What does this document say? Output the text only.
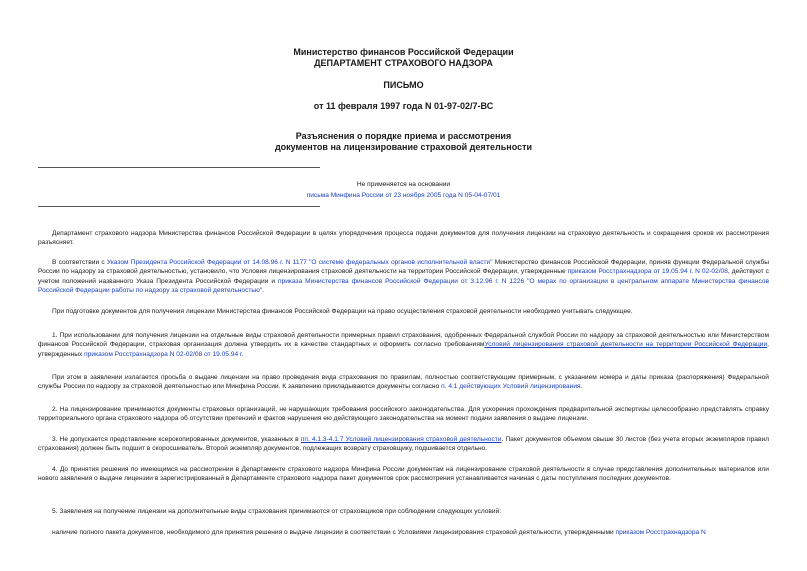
Министерство финансов Российской Федерации
ДЕПАРТАМЕНТ СТРАХОВОГО НАДЗОРА
ПИСЬМО
от 11 февраля 1997 года N 01-97-02/7-ВС
Разъяснения о порядке приема и рассмотрения
документов на лицензирование страховой деятельности
Не применяется на основании
письма Минфина России от 23 ноября 2005 года N 05-04-07/01

Департамент страхового надзора Министерства финансов Российской Федерации в целях упорядочения процесса подачи документов для получения лицензии на страховую деятельность и сокращения сроков их рассмотрения разъясняет.

В соответствии с Указом Президента Российской Федерации от 14.08.96 г. N 1177 "О системе федеральных органов исполнительной власти" Министерство финансов Российской Федерации, приняв функции Федеральной службы России по надзору за страховой деятельностью, установило, что Условия лицензирования страховой деятельности на территории Российской Федерации, утвержденные приказом Росстрахнадзора от 19.05.94 г. N 02-02/08, действуют с учетом положений названного Указа Президента Российской Федерации и приказа Министерства финансов Российской Федерации от 3.12.96 г. N 1226 "О мерах по организации в центральном аппарате Министерства финансов Российской Федерации работы по надзору за страховой деятельностью".

При подготовке документов для получения лицензии Министерства финансов Российской Федерации на право осуществления страховой деятельности необходимо учитывать следующее.

1. При использовании для получения лицензии на отдельные виды страховой деятельности примерных правил страхования, одобренных Федеральной службой России по надзору за страховой деятельностью или Министерством финансов Российской Федерации, страховая организация должна утвердить их в качестве стандартных и оформить согласно требованиямУсловий лицензирования страховой деятельности на территории Российской Федерации, утвержденных приказом Росстрахнадзора N 02-02/08 от 19.05.94 г.

При этом в заявлении излагается просьба о выдаче лицензии на право проведения вида страхования по правилам, полностью соответствующим примерным, с указанием номера и даты приказа (распоряжения) Федеральной службы России по надзору за страховой деятельностью или Минфина России. К заявлению прикладываются документы согласно п. 4.1 действующих Условий лицензирования.

2. На лицензирование принимаются документы страховых организаций, не нарушающих требования российского законодательства. Для ускорения прохождения предварительной экспертизы целесообразно представлять справку территориального органа страхового надзора об отсутствии претензий и фактов нарушения ею действующего законодательства на момент подачи заявления о выдаче лицензии.

3. Не допускается представление ксерокопированных документов, указанных в пп. 4.1.3-4.1.7 Условий лицензирования страховой деятельности. Пакет документов объемом свыше 30 листов (без учета вторых экземпляров правил страхования) должен быть подшит в скоросшиватель. Второй экземпляр документов, подлежащих возврату страховщику, подшивается отдельно.

4. До принятия решения по имеющимся на рассмотрении в Департаменте страхового надзора Минфина России документам на лицензирование страховой деятельности в случае представления дополнительных материалов или нового заявления о выдаче лицензии в зарегистрированный в Департаменте страхового надзора пакет документов срок рассмотрения устанавливается начиная с даты поступления последних документов.

5. Заявления на получение лицензии на дополнительные виды страхования принимаются от страховщиков при соблюдении следующих условий:

наличие полного пакета документов, необходимого для принятия решения о выдаче лицензии в соответствии с Условиями лицензирования страховой деятельности, утвержденными приказом Росстрахнадзора N
